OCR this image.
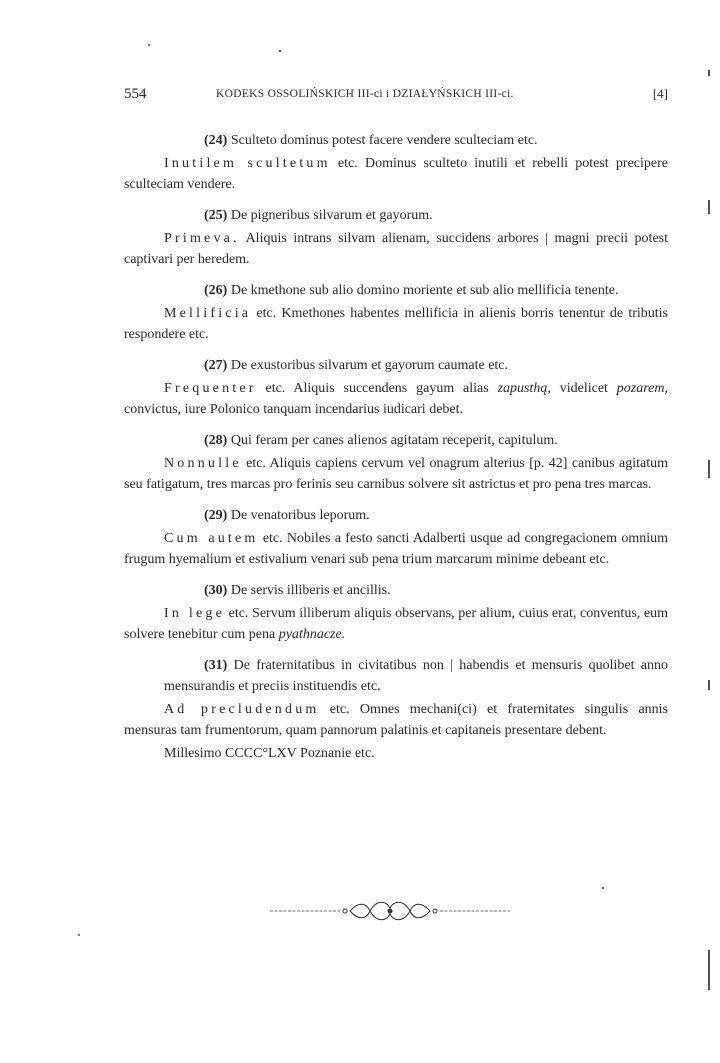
554	KODEKS OSSOLIŃSKICH III-ci i DZIAŁYŃSKICH III-ci.	[4]
(24) Sculteto dominus potest facere vendere sculteciam etc.
Inutilem scultetum etc. Dominus sculteto inutili et rebelli potest precipere sculteciam vendere.
(25) De pigneribus silvarum et gayorum.
Primeva. Aliquis intrans silvam alienam, succidens arbores | magni precii potest captivari per heredem.
(26) De kmethone sub alio domino moriente et sub alio mellificia tenente.
Mellificia etc. Kmethones habentes mellificia in alienis borris tenentur de tributis respondere etc.
(27) De exustoribus silvarum et gayorum caumate etc.
Frequenter etc. Aliquis succendens gayum alias zapusthą, videlicet pozarem, convictus, iure Polonico tanquam incendarius iudicari debet.
(28) Qui feram per canes alienos agitatam receperit, capitulum.
Nonnulle etc. Aliquis capiens cervum vel onagrum alterius [p. 42] canibus agitatum seu fatigatum, tres marcas pro ferinis seu carnibus solvere sit astrictus et pro pena tres marcas.
(29) De venatoribus leporum.
Cum autem etc. Nobiles a festo sancti Adalberti usque ad congregacionem omnium frugum hyemalium et estivalium venari sub pena trium marcarum minime debeant etc.
(30) De servis illiberis et ancillis.
In lege etc. Servum illiberum aliquis observans, per alium, cuius erat, conventus, eum solvere tenebitur cum pena pyathnacze.
(31) De fraternitatibus in civitatibus non | habendis et mensuris quolibet anno mensurandis et preciis instituendis etc.
Ad precludendum etc. Omnes mechani(ci) et fraternitates singulis annis mensuras tam frumentorum, quam pannorum palatinis et capitaneis presentare debent.
Millesimo CCCC°LXV Poznanie etc.
